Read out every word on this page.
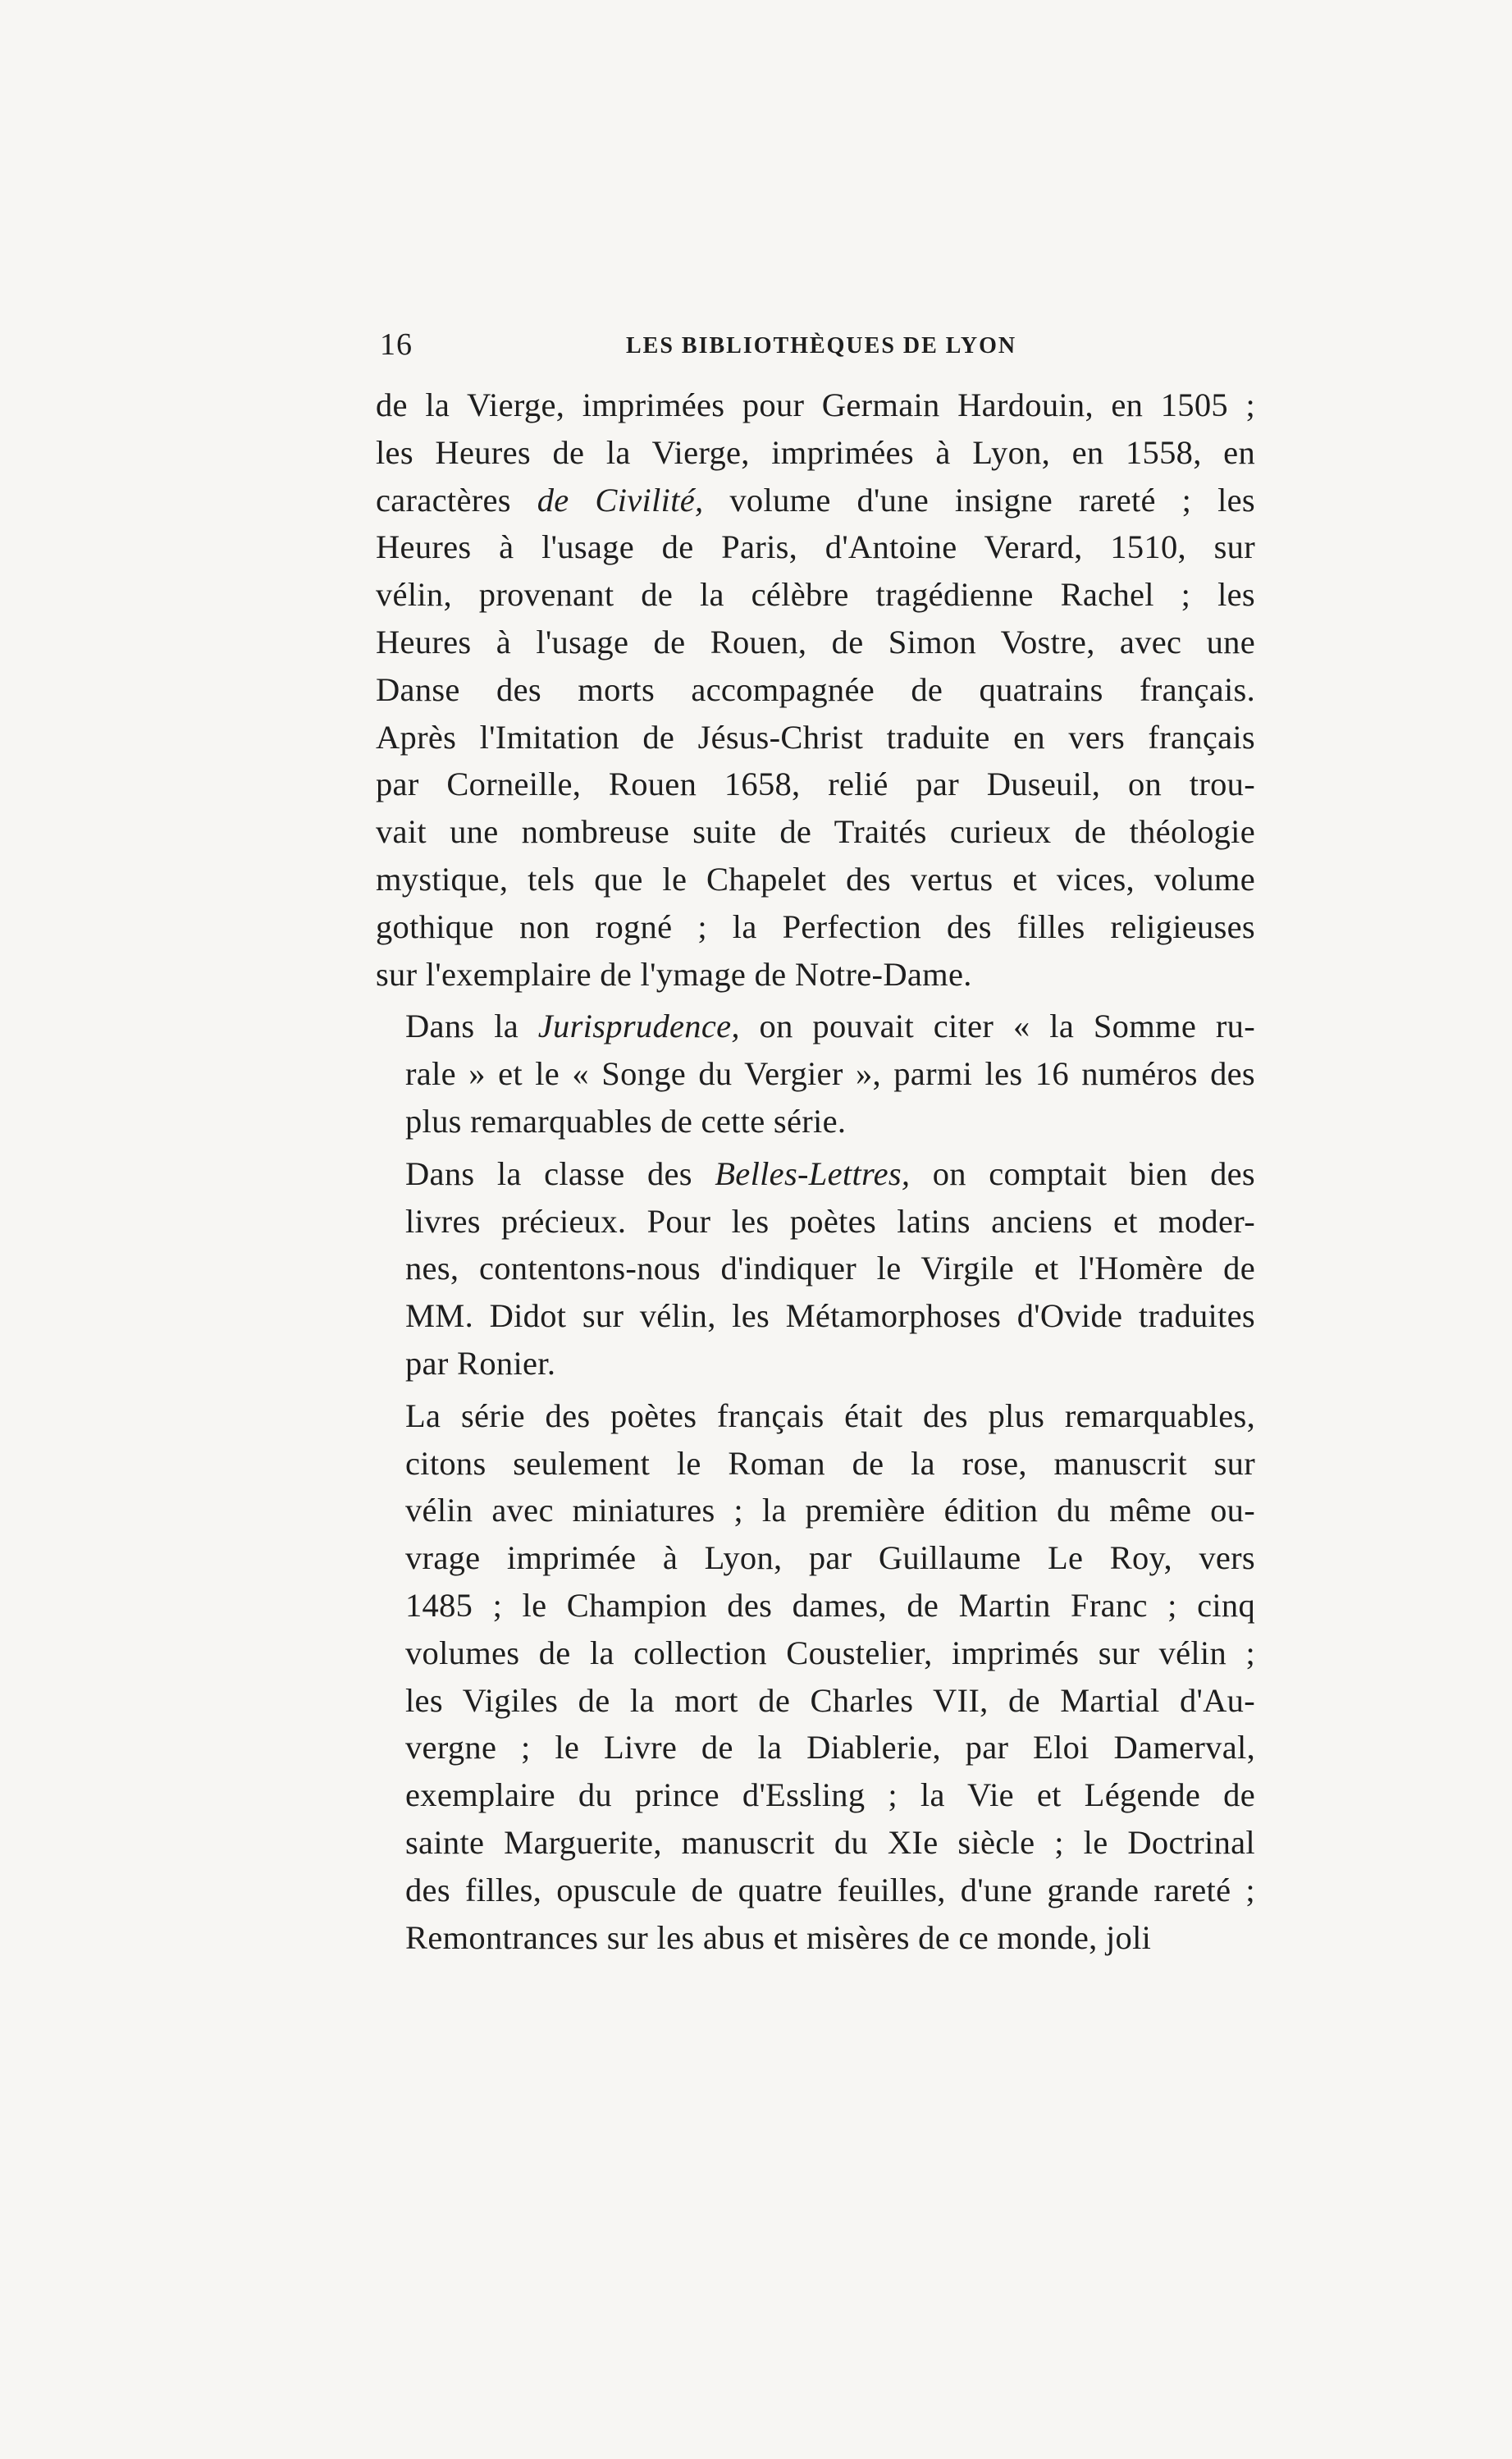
16	LES BIBLIOTHÈQUES DE LYON

de la Vierge, imprimées pour Germain Hardouin, en 1505 ;
les Heures de la Vierge, imprimées à Lyon, en 1558, en
caractères de Civilité, volume d'une insigne rareté ; les
Heures à l'usage de Paris, d'Antoine Verard, 1510, sur
vélin, provenant de la célèbre tragédienne Rachel ; les
Heures à l'usage de Rouen, de Simon Vostre, avec une
Danse des morts accompagnée de quatrains français.
Après l'Imitation de Jésus-Christ traduite en vers français
par Corneille, Rouen 1658, relié par Duseuil, on trou-
vait une nombreuse suite de Traités curieux de théologie
mystique, tels que le Chapelet des vertus et vices, volume
gothique non rogné ; la Perfection des filles religieuses
sur l'exemplaire de l'ymage de Notre-Dame.

Dans la Jurisprudence, on pouvait citer « la Somme ru-
rale » et le « Songe du Vergier », parmi les 16 numéros des
plus remarquables de cette série.

Dans la classe des Belles-Lettres, on comptait bien des
livres précieux. Pour les poètes latins anciens et moder-
nes, contentons-nous d'indiquer le Virgile et l'Homère de
MM. Didot sur vélin, les Métamorphoses d'Ovide traduites
par Ronier.

La série des poètes français était des plus remarquables,
citons seulement le Roman de la rose, manuscrit sur
vélin avec miniatures ; la première édition du même ou-
vrage imprimée à Lyon, par Guillaume Le Roy, vers
1485 ; le Champion des dames, de Martin Franc ; cinq
volumes de la collection Coustelier, imprimés sur vélin ;
les Vigiles de la mort de Charles VII, de Martial d'Au-
vergne ; le Livre de la Diablerie, par Eloi Damerval,
exemplaire du prince d'Essling ; la Vie et Légende de
sainte Marguerite, manuscrit du XIe siècle ; le Doctrinal
des filles, opuscule de quatre feuilles, d'une grande rareté ;
Remontrances sur les abus et misères de ce monde, joli
